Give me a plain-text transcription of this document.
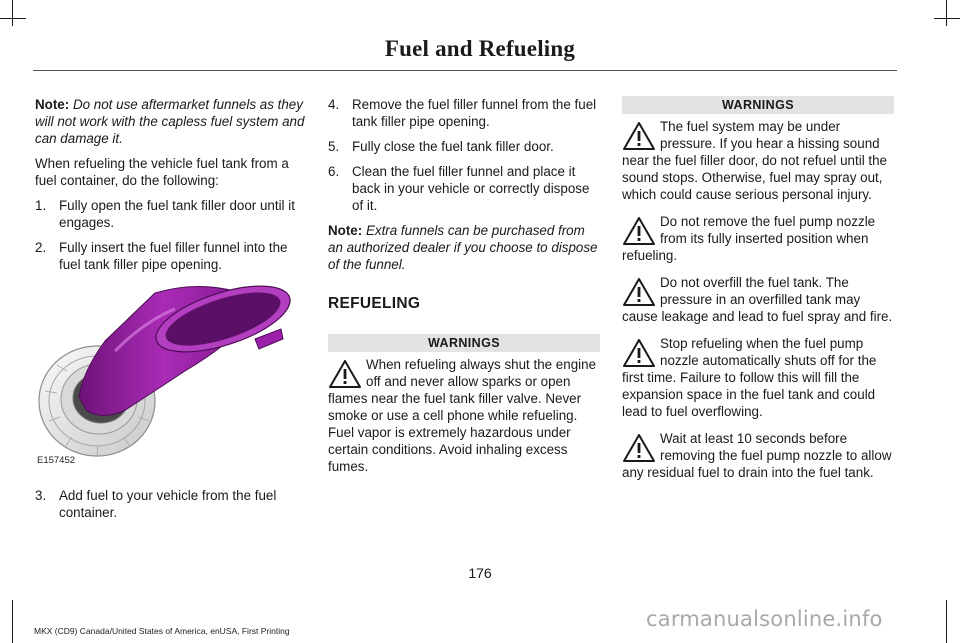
Fuel and Refueling

Note: Do not use aftermarket funnels as they will not work with the capless fuel system and can damage it.

When refueling the vehicle fuel tank from a fuel container, do the following:

1. Fully open the fuel tank filler door until it engages.
2. Fully insert the fuel filler funnel into the fuel tank filler pipe opening.
E157452
3. Add fuel to your vehicle from the fuel container.
4. Remove the fuel filler funnel from the fuel tank filler pipe opening.
5. Fully close the fuel tank filler door.
6. Clean the fuel filler funnel and place it back in your vehicle or correctly dispose of it.

Note: Extra funnels can be purchased from an authorized dealer if you choose to dispose of the funnel.

REFUELING
WARNINGS
When refueling always shut the engine off and never allow sparks or open flames near the fuel tank filler valve. Never smoke or use a cell phone while refueling. Fuel vapor is extremely hazardous under certain conditions. Avoid inhaling excess fumes.
WARNINGS
The fuel system may be under pressure. If you hear a hissing sound near the fuel filler door, do not refuel until the sound stops. Otherwise, fuel may spray out, which could cause serious personal injury.
Do not remove the fuel pump nozzle from its fully inserted position when refueling.
Do not overfill the fuel tank. The pressure in an overfilled tank may cause leakage and lead to fuel spray and fire.
Stop refueling when the fuel pump nozzle automatically shuts off for the first time. Failure to follow this will fill the expansion space in the fuel tank and could lead to fuel overflowing.
Wait at least 10 seconds before removing the fuel pump nozzle to allow any residual fuel to drain into the fuel tank.
176
MKX (CD9) Canada/United States of America, enUSA, First Printing	carmanualsonline.info
